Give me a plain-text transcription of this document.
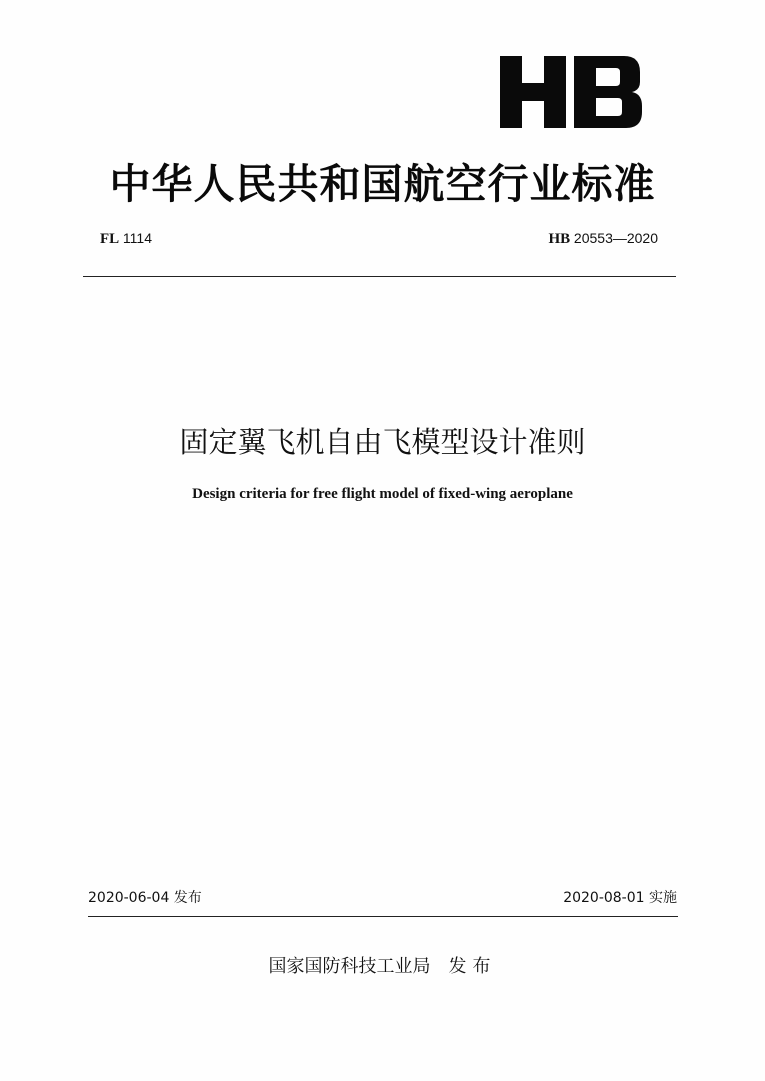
中华人民共和国航空行业标准
FL 1114	HB 20553—2020
固定翼飞机自由飞模型设计准则
Design criteria for free flight model of fixed-wing aeroplane
2020-06-04 发布	2020-08-01 实施
国家国防科技工业局 发布
